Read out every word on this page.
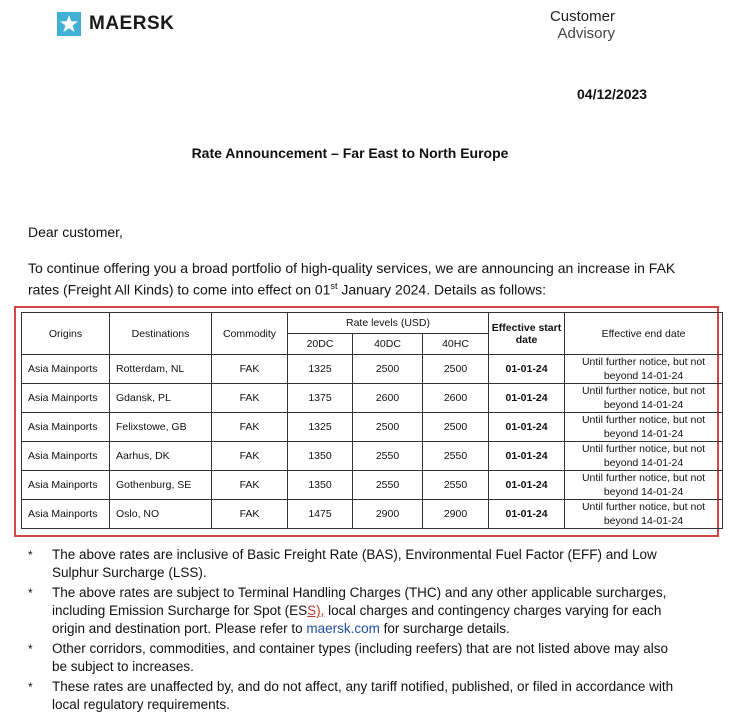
MAERSK	Customer
Advisory
04/12/2023
Rate Announcement – Far East to North Europe
Dear customer,
To continue offering you a broad portfolio of high-quality services, we are announcing an increase in FAK rates (Freight All Kinds) to come into effect on 01st January 2024. Details as follows:
Origins	Destinations	Commodity	Rate levels (USD)			Effective start date	Effective end date
			20DC	40DC	40HC		
Asia Mainports	Rotterdam, NL	FAK	1325	2500	2500	01-01-24	Until further notice, but not
beyond 14-01-24
Asia Mainports	Gdansk, PL	FAK	1375	2600	2600	01-01-24	Until further notice, but not
beyond 14-01-24
Asia Mainports	Felixstowe, GB	FAK	1325	2500	2500	01-01-24	Until further notice, but not
beyond 14-01-24
Asia Mainports	Aarhus, DK	FAK	1350	2550	2550	01-01-24	Until further notice, but not
beyond 14-01-24
Asia Mainports	Gothenburg, SE	FAK	1350	2550	2550	01-01-24	Until further notice, but not
beyond 14-01-24
Asia Mainports	Oslo, NO	FAK	1475	2900	2900	01-01-24	Until further notice, but not
beyond 14-01-24
* The above rates are inclusive of Basic Freight Rate (BAS), Environmental Fuel Factor (EFF) and Low Sulphur Surcharge (LSS).
* The above rates are subject to Terminal Handling Charges (THC) and any other applicable surcharges, including Emission Surcharge for Spot (ESS), local charges and contingency charges varying for each origin and destination port. Please refer to maersk.com for surcharge details.
* Other corridors, commodities, and container types (including reefers) that are not listed above may also be subject to increases.
* These rates are unaffected by, and do not affect, any tariff notified, published, or filed in accordance with local regulatory requirements.
